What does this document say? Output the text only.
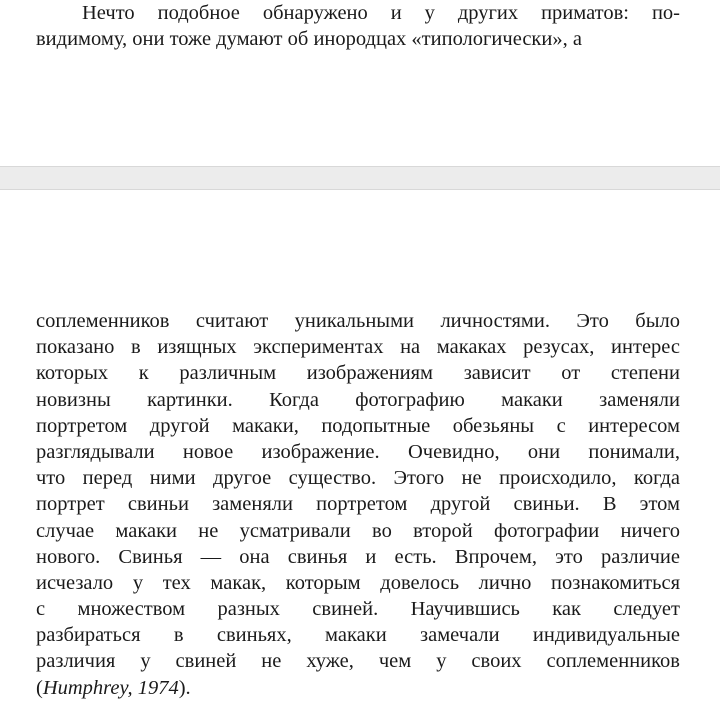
Нечто подобное обнаружено и у других приматов: по-
видимому, они тоже думают об инородцах «типологически», а
соплеменников считают уникальными личностями. Это было
показано в изящных экспериментах на макаках резусах, интерес
которых к различным изображениям зависит от степени
новизны картинки. Когда фотографию макаки заменяли
портретом другой макаки, подопытные обезьяны с интересом
разглядывали новое изображение. Очевидно, они понимали,
что перед ними другое существо. Этого не происходило, когда
портрет свиньи заменяли портретом другой свиньи. В этом
случае макаки не усматривали во второй фотографии ничего
нового. Свинья — она свинья и есть. Впрочем, это различие
исчезало у тех макак, которым довелось лично познакомиться
с множеством разных свиней. Научившись как следует
разбираться в свиньях, макаки замечали индивидуальные
различия у свиней не хуже, чем у своих соплеменников
(Humphrey, 1974).
